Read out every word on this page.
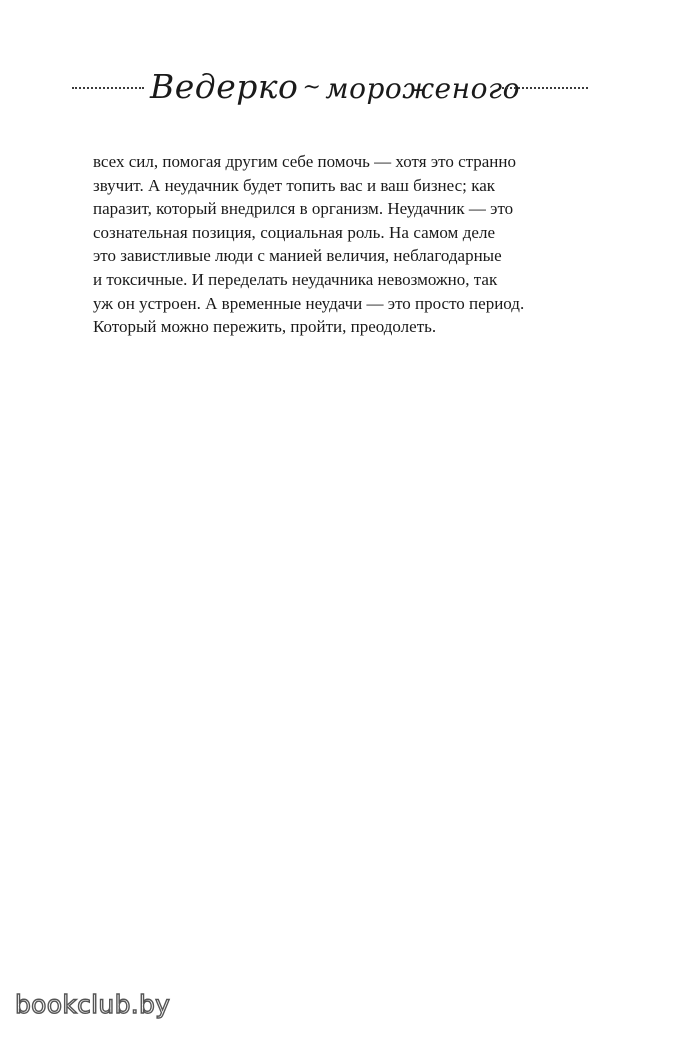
Ведерко ~ мороженого
всех сил, помогая другим себе помочь — хотя это странно
звучит. А неудачник будет топить вас и ваш бизнес; как
паразит, который внедрился в организм. Неудачник — это
сознательная позиция, социальная роль. На самом деле
это завистливые люди с манией величия, неблагодарные
и токсичные. И переделать неудачника невозможно, так
уж он устроен. А временные неудачи — это просто период.
Который можно пережить, пройти, преодолеть.
bookclub.by
